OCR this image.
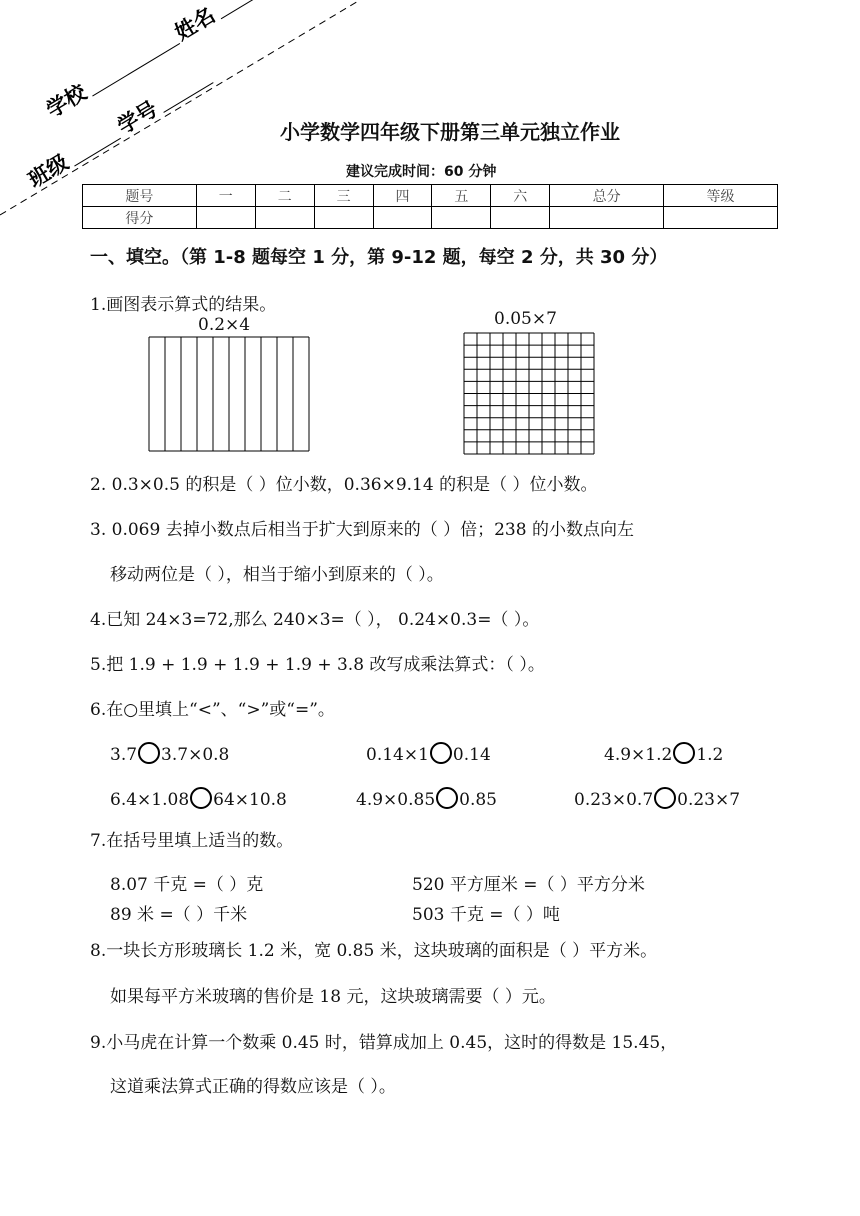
学校
姓名
班级
学号	小学数学四年级下册第三单元独立作业
建议完成时间：60 分钟
题号	一	二	三	四	五	六	总分	等级
得分								
一、填空。（第 1-8 题每空 1 分，第 9-12 题，每空 2 分，共 30 分）
1.画图表示算式的结果。
0.2×4	0.05×7
2. 0.3×0.5 的积是（ ）位小数，0.36×9.14 的积是（ ）位小数。
3. 0.069 去掉小数点后相当于扩大到原来的（ ）倍；238 的小数点向左
移动两位是（ ），相当于缩小到原来的（ ）。
4.已知 24×3=72,那么 240×3=（ ）， 0.24×0.3=（ ）。
5.把 1.9 + 1.9 + 1.9 + 1.9 + 3.8 改写成乘法算式：（ ）。
6.在○里填上“<”、“>”或“=”。
3.7 3.7×0.8	0.14×1 0.14	4.9×1.2 1.2
6.4×1.08 64×10.8	4.9×0.85 0.85	0.23×0.7 0.23×7
7.在括号里填上适当的数。
8.07 千克 =（ ）克	520 平方厘米 =（ ）平方分米
89 米 =（ ）千米	503 千克 =（ ）吨
8.一块长方形玻璃长 1.2 米，宽 0.85 米，这块玻璃的面积是（ ）平方米。
如果每平方米玻璃的售价是 18 元，这块玻璃需要（ ）元。
9.小马虎在计算一个数乘 0.45 时，错算成加上 0.45，这时的得数是 15.45，
这道乘法算式正确的得数应该是（ ）。
